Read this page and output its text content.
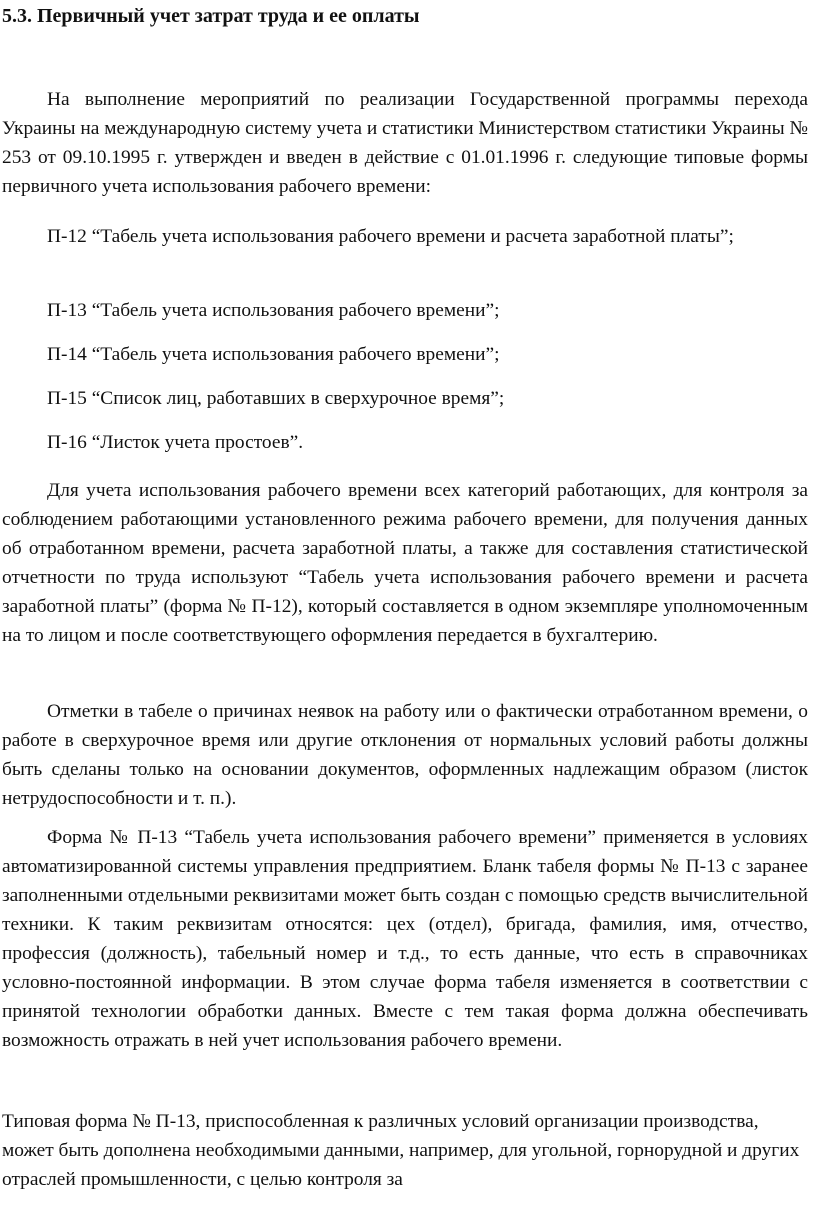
5.3. Первичный учет затрат труда и ее оплаты

На выполнение мероприятий по реализации Государственной программы перехода Украины на международную систему учета и статистики Министерством статистики Украины № 253 от 09.10.1995 г. утвержден и введен в действие с 01.01.1996 г. следующие типовые формы первичного учета использования рабочего времени:

П-12 “Табель учета использования рабочего времени и расчета заработной платы”;

П-13 “Табель учета использования рабочего времени”;

П-14 “Табель учета использования рабочего времени”;

П-15 “Список лиц, работавших в сверхурочное время”;

П-16 “Листок учета простоев”.

Для учета использования рабочего времени всех категорий работающих, для контроля за соблюдением работающими установленного режима рабочего времени, для получения данных об отработанном времени, расчета заработной платы, а также для составления статистической отчетности по труда используют “Табель учета использования рабочего времени и расчета заработной платы” (форма № П-12), который составляется в одном экземпляре уполномоченным на то лицом и после соответствующего оформления передается в бухгалтерию.

Отметки в табеле о причинах неявок на работу или о фактически отработанном времени, о работе в сверхурочное время или другие отклонения от нормальных условий работы должны быть сделаны только на основании документов, оформленных надлежащим образом (листок нетрудоспособности и т. п.).

Форма № П-13 “Табель учета использования рабочего времени” применяется в условиях автоматизированной системы управления предприятием. Бланк табеля формы № П-13 с заранее заполненными отдельными реквизитами может быть создан с помощью средств вычислительной техники. К таким реквизитам относятся: цех (отдел), бригада, фамилия, имя, отчество, профессия (должность), табельный номер и т.д., то есть данные, что есть в справочниках условно-постоянной информации. В этом случае форма табеля изменяется в соответствии с принятой технологии обработки данных. Вместе с тем такая форма должна обеспечивать возможность отражать в ней учет использования рабочего времени.

Типовая форма № П-13, приспособленная к различных условий организации производства, может быть дополнена необходимыми данными, например, для угольной, горнорудной и других отраслей промышленности, с целью контроля за
